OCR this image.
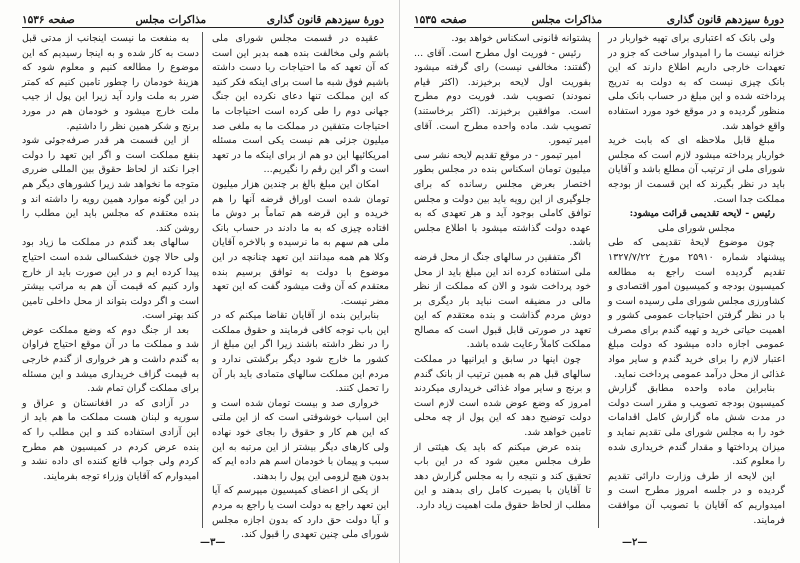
دورهٔ سیزدهم قانون گذاری
مذاکرات مجلس
صفحه ۱۵۳۶

عقیده در قسمت مجلس شورای ملی باشم ولی مخالفت بنده همه بدبر این است که آن تعهد که ما احتیاجات ربا دست داشته باشیم فوق شبه ما است برای اینکه فکر کنید که این مملکت تنها دعای نکرده این جنگ جهانی دوم را طی کرده است احتیاجات ما احتیاجات متفقین در مملکت ما به ملغی صد میلیون جزئی هم نیست یکی است مسئله امریکائیها این دو هم از برای اینکه ما در تعهد است و اگر این رقم را نگیریم...

امکان این مبلغ بالغ بر چندین هزار میلیون تومان شده است اوراق قرضه آنها را هم خریده و این قرضه هم تماماً بر دوش ما افتاده چیزی که به ما دادند در حساب بانک ملی هم سهم به ما نرسیده و بالاخره آقایان وکلا هم همه میدانند این تعهد چنانچه در این موضوع با دولت به توافق برسیم بنده معتقدم که آن وقت میشود گفت که این تعهد مضر نیست.

بنابراین بنده از آقایان تقاضا میکنم که در این باب توجه کافی فرمایند و حقوق مملکت را در نظر داشته باشند زیرا اگر این مبلغ از کشور ما خارج شود دیگر برگشتی ندارد و مردم این مملکت سالهای متمادی باید بار آن را تحمل کنند.

خرواری صد و بیست تومان شده است و این اسباب خوشوقتی است که از این ملتی که این هم کار و حقوق را بجای خود نهاده ولی کارهای دیگر بیشتر از این مرتبه به این سبب و پیمان با خودمان اسم هم داده ایم که بدون هیچ لزومی این پول را بدهند.

از یکی از اعضای کمیسیون میپرسم که آیا این تعهد راجع به دولت است یا راجع به مردم و آیا دولت حق دارد که بدون اجازه مجلس شورای ملی چنین تعهدی را قبول کند.

به منفعت ما نیست اینجانب از مدتی قبل دست به کار شده و به اینجا رسیدیم که این موضوع را مطالعه کنیم و معلوم شود که هزینهٔ خودمان را چطور تامین کنیم که کمتر ضرر به ملت وارد آید زیرا این پول از جیب ملت خارج میشود و خودمان هم در مورد برنج و شکر همین نظر را داشتیم.

از این قسمت هر قدر صرفه‌جوئی شود بنفع مملکت است و اگر این تعهد را دولت اجرا نکند از لحاظ حقوق بین المللی ضرری متوجه ما نخواهد شد زیرا کشورهای دیگر هم در این گونه موارد همین رویه را داشته اند و بنده معتقدم که مجلس باید این مطلب را روشن کند.

سالهای بعد گندم در مملکت ما زیاد بود ولی حالا چون خشکسالی شده است احتیاج پیدا کرده ایم و در این صورت باید از خارج وارد کنیم که قیمت آن هم به مراتب بیشتر است و اگر دولت بتواند از محل داخلی تامین کند بهتر است.

بعد از جنگ دوم که وضع مملکت عوض شد و مملکت ما در آن موقع احتیاج فراوان به گندم داشت و هر خرواری از گندم خارجی به قیمت گزاف خریداری میشد و این مسئله برای مملکت گران تمام شد.

در آزادی که در افغانستان و عراق و سوریه و لبنان هست مملکت ما هم باید از این آزادی استفاده کند و این مطلب را که بنده عرض کردم در کمیسیون هم مطرح کردم ولی جواب قانع کننده ای داده نشد و امیدوارم که آقایان وزراء توجه بفرمایند.

—۳—
دورهٔ سیزدهم قانون گذاری
مذاکرات مجلس
صفحه ۱۵۳۵

ولی بانک که اعتباری برای تهیه خواربار در خزانه نیست ما را امیدوار ساخت که جزو در تعهدات خارجی داریم اطلاع دارند که این بانک چیزی نیست که به دولت به تدریج پرداخته شده و این مبلغ در حساب بانک ملی منظور گردیده و در موقع خود مورد استفاده واقع خواهد شد.

مبلغ قابل ملاحظه ای که بابت خرید خواربار پرداخته میشود لازم است که مجلس شورای ملی از ترتیب آن مطلع باشد و آقایان باید در نظر بگیرند که این قسمت از بودجه مملکت جدا است.

رئیس - لایحه تقدیمی قرائت میشود:

مجلس شورای ملی

چون موضوع لایحهٔ تقدیمی که طی پیشنهاد شماره ۲۵۹۱۰ مورخ ۱۳۲۷/۷/۲۲ تقدیم گردیده است راجع به مطالعه کمیسیون بودجه و کمیسیون امور اقتصادی و کشاورزی مجلس شورای ملی رسیده است و با در نظر گرفتن احتیاجات عمومی کشور و اهمیت حیاتی خرید و تهیه گندم برای مصرف عمومی اجازه داده میشود که دولت مبلغ اعتبار لازم را برای خرید گندم و سایر مواد غذائی از محل درآمد عمومی پرداخت نماید.

بنابراین ماده واحده مطابق گزارش کمیسیون بودجه تصویب و مقرر است دولت در مدت شش ماه گزارش کامل اقدامات خود را به مجلس شورای ملی تقدیم نماید و میزان پرداختها و مقدار گندم خریداری شده را معلوم کند.

این لایحه از طرف وزارت دارائی تقدیم گردیده و در جلسه امروز مطرح است و امیدواریم که آقایان با تصویب آن موافقت فرمایند.

پشتوانه قانونی اسکناس خواهد بود.

رئیس - فوریت اول مطرح است. آقای ... (گفتند: مخالفی نیست) رای گرفته میشود بفوریت اول لایحه برخیزند. (اکثر قیام نمودند) تصویب شد. فوریت دوم مطرح است. موافقین برخیزند. (اکثر برخاستند) تصویب شد. ماده واحده مطرح است. آقای امیر تیمور.

امیر تیمور - در موقع تقدیم لایحه نشر سی میلیون تومان اسکناس بنده در مجلس بطور اختصار بعرض مجلس رسانده که برای جلوگیری از این رویه باید بین دولت و مجلس توافق کاملی بوجود آید و هر تعهدی که به عهده دولت گذاشته میشود با اطلاع مجلس باشد.

اگر متفقین در سالهای جنگ از محل قرضه ملی استفاده کرده اند این مبلغ باید از محل خود پرداخت شود و الان که مملکت از نظر مالی در مضیقه است نباید بار دیگری بر دوش مردم گذاشت و بنده معتقدم که این تعهد در صورتی قابل قبول است که مصالح مملکت کاملاً رعایت شده باشد.

چون اینها در سابق و ایرانیها در مملکت سالهای قبل هم به همین ترتیب از بانک گندم و برنج و سایر مواد غذائی خریداری میکردند امروز که وضع عوض شده است لازم است دولت توضیح دهد که این پول از چه محلی تامین خواهد شد.

بنده عرض میکنم که باید یک هیئتی از طرف مجلس معین شود که در این باب تحقیق کند و نتیجه را به مجلس گزارش دهد تا آقایان با بصیرت کامل رای بدهند و این مطلب از لحاظ حقوق ملت اهمیت زیاد دارد.

—۲—
